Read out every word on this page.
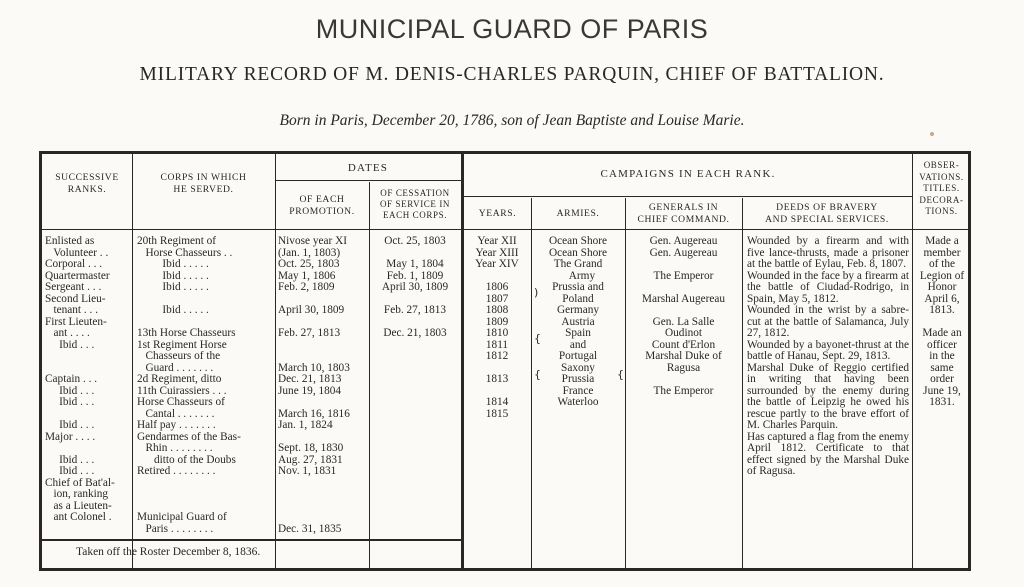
MUNICIPAL GUARD OF PARIS
MILITARY RECORD OF M. DENIS-CHARLES PARQUIN, CHIEF OF BATTALION.
Born in Paris, December 20, 1786, son of Jean Baptiste and Louise Marie.
SUCCESSIVE
RANKS.
CORPS IN WHICH
HE SERVED.
DATES
OF EACH
PROMOTION.
OF CESSATION
OF SERVICE IN
EACH CORPS.
CAMPAIGNS IN EACH RANK.
YEARS.	ARMIES.
GENERALS IN
CHIEF COMMAND.
DEEDS OF BRAVERY
AND SPECIAL SERVICES.
OBSER-
VATIONS.
TITLES.
DECORA-
TIONS.
Enlisted as
Volunteer . .
Corporal . . .
Quartermaster
Sergeant . . .
Second Lieu-
tenant . . .
First Lieuten-
ant . . . .
Ibid . . .

Captain . . .
Ibid . . .
Ibid . . .

Ibid . . .
Major . . . .

Ibid . . .
Ibid . . .
Chief of Bat'al-
ion, ranking
as a Lieuten-
ant Colonel .
20th Regiment of
Horse Chasseurs . .
Ibid . . . . .
Ibid . . . . .
Ibid . . . . .

Ibid . . . . .

13th Horse Chasseurs
1st Regiment Horse
Chasseurs of the
Guard . . . . . . .
2d Regiment, ditto
11th Cuirassiers . . .
Horse Chasseurs of
Cantal . . . . . . .
Half pay . . . . . . .
Gendarmes of the Bas-
Rhin . . . . . . . .
ditto of the Doubs
Retired . . . . . . . .

Municipal Guard of
Paris . . . . . . . .
Nivose year XI
(Jan. 1, 1803)
Oct. 25, 1803
May 1, 1806
Feb. 2, 1809

April 30, 1809

Feb. 27, 1813

March 10, 1803
Dec. 21, 1813
June 19, 1804

March 16, 1816
Jan. 1, 1824

Sept. 18, 1830
Aug. 27, 1831
Nov. 1, 1831

Dec. 31, 1835
Oct. 25, 1803

May 1, 1804
Feb. 1, 1809
April 30, 1809

Feb. 27, 1813

Dec. 21, 1803
Year XII
Year XIII
Year XIV

1806
1807
1808
1809
1810
1811
1812

1813

1814
1815
Ocean Shore
Ocean Shore
The Grand
Army
Prussia and
Poland
Germany
Austria
Spain
and
Portugal
Saxony
Prussia
France
Waterloo
Gen. Augereau
Gen. Augereau

The Emperor

Marshal Augereau

Gen. La Salle
Oudinot
Count d'Erlon
Marshal Duke of
Ragusa

The Emperor

Wounded by a firearm and with five lance-thrusts, made a prisoner at the battle of Eylau, Feb. 8, 1807.

Wounded in the face by a firearm at the battle of Ciudad-Rodrigo, in Spain, May 5, 1812.

Wounded in the wrist by a sabre-cut at the battle of Salamanca, July 27, 1812.

Wounded by a bayonet-thrust at the battle of Hanau, Sept. 29, 1813.

Marshal Duke of Reggio certified in writing that having been surrounded by the enemy during the battle of Leipzig he owed his rescue partly to the brave effort of M. Charles Parquin.

Has captured a flag from the enemy April 1812. Certificate to that effect signed by the Marshal Duke of Ragusa.

Made a
member
of the
Legion of
Honor
April 6,
1813.

Made an
officer
in the
same
order
June 19,
1831.
)
{
{	{
Taken off the Roster December 8, 1836.
